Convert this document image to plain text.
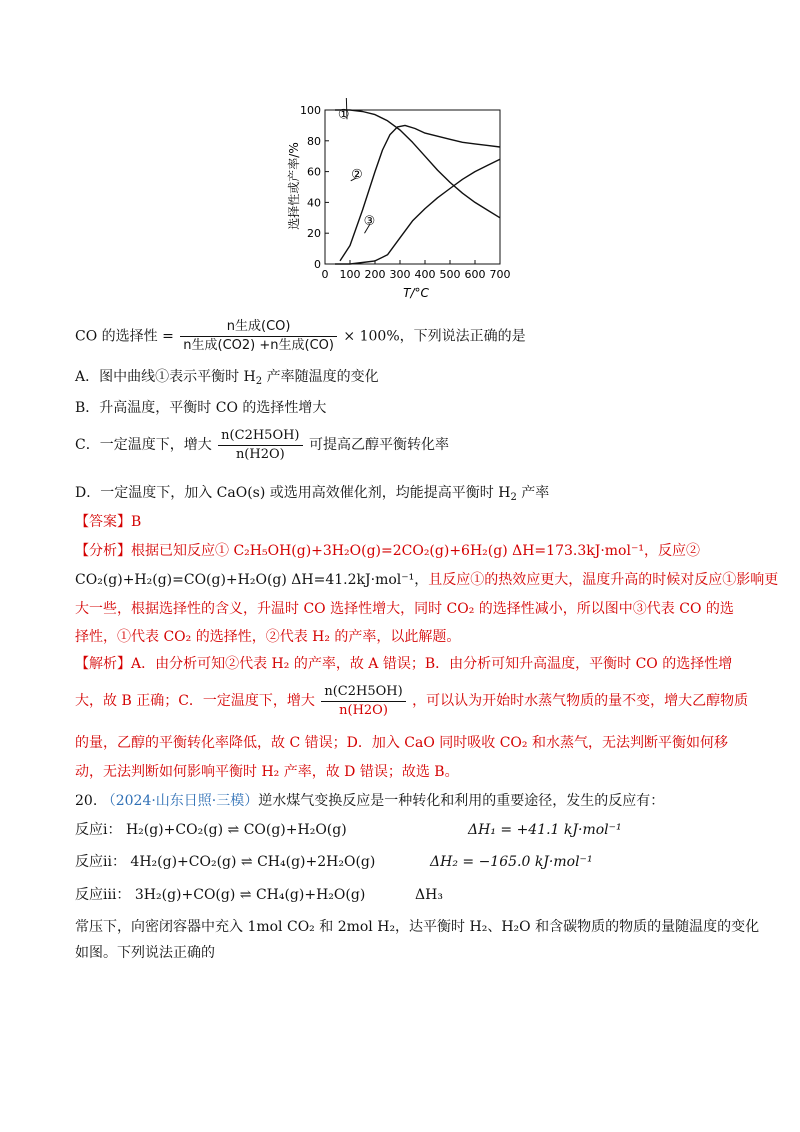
0 100 200 300 400 500 600 700
0
20
40
60
80
100 ①
②
③
T/°C
选择性或产率/%
CO 的选择性 = $\frac{\text{n生成(CO)}}{\text{n生成(CO2) +n生成(CO)}} \times 100\%$，下列说法正确的是
A．图中曲线①表示平衡时 $H_2$ 产率随温度的变化
B．升高温度，平衡时 CO 的选择性增大
C．一定温度下，增大 $\frac{n(C2H5OH)}{n(H2O)}$ 可提高乙醇平衡转化率
D．一定温度下，加入 CaO(s) 或选用高效催化剂，均能提高平衡时 $H_2$ 产率
【答案】B
【分析】根据已知反应① C₂H₅OH(g)+3H₂O(g)=2CO₂(g)+6H₂(g) ΔH=173.3kJ·mol⁻¹，反应②
CO₂(g)+H₂(g)=CO(g)+H₂O(g) ΔH=41.2kJ·mol⁻¹，且反应①的热效应更大，温度升高的时候对反应①影响更
大一些，根据选择性的含义，升温时 CO 选择性增大，同时 CO₂ 的选择性减小，所以图中③代表 CO 的选
择性，①代表 CO₂ 的选择性，②代表 H₂ 的产率，以此解题。
【解析】A．由分析可知②代表 H₂ 的产率，故 A 错误；B．由分析可知升高温度，平衡时 CO 的选择性增
大，故 B 正确；C．一定温度下，增大 $\frac{n(C2H5OH)}{n(H2O)}$ ，可以认为开始时水蒸气物质的量不变，增大乙醇物质
的量，乙醇的平衡转化率降低，故 C 错误；D．加入 CaO 同时吸收 CO₂ 和水蒸气，无法判断平衡如何移
动，无法判断如何影响平衡时 H₂ 产率，故 D 错误；故选 B。
20. （2024·山东日照·三模）逆水煤气变换反应是一种转化和利用的重要途径，发生的反应有：
反应ⅰ： H₂(g)+CO₂(g) ⇌ CO(g)+H₂O(g)	ΔH₁ = +41.1 kJ·mol⁻¹
反应ⅱ： 4H₂(g)+CO₂(g) ⇌ CH₄(g)+2H₂O(g)	ΔH₂ = −165.0 kJ·mol⁻¹
反应ⅲ： 3H₂(g)+CO(g) ⇌ CH₄(g)+H₂O(g)	ΔH₃
常压下，向密闭容器中充入 1mol CO₂ 和 2mol H₂，达平衡时 H₂、H₂O 和含碳物质的物质的量随温度的变化
如图。下列说法正确的
